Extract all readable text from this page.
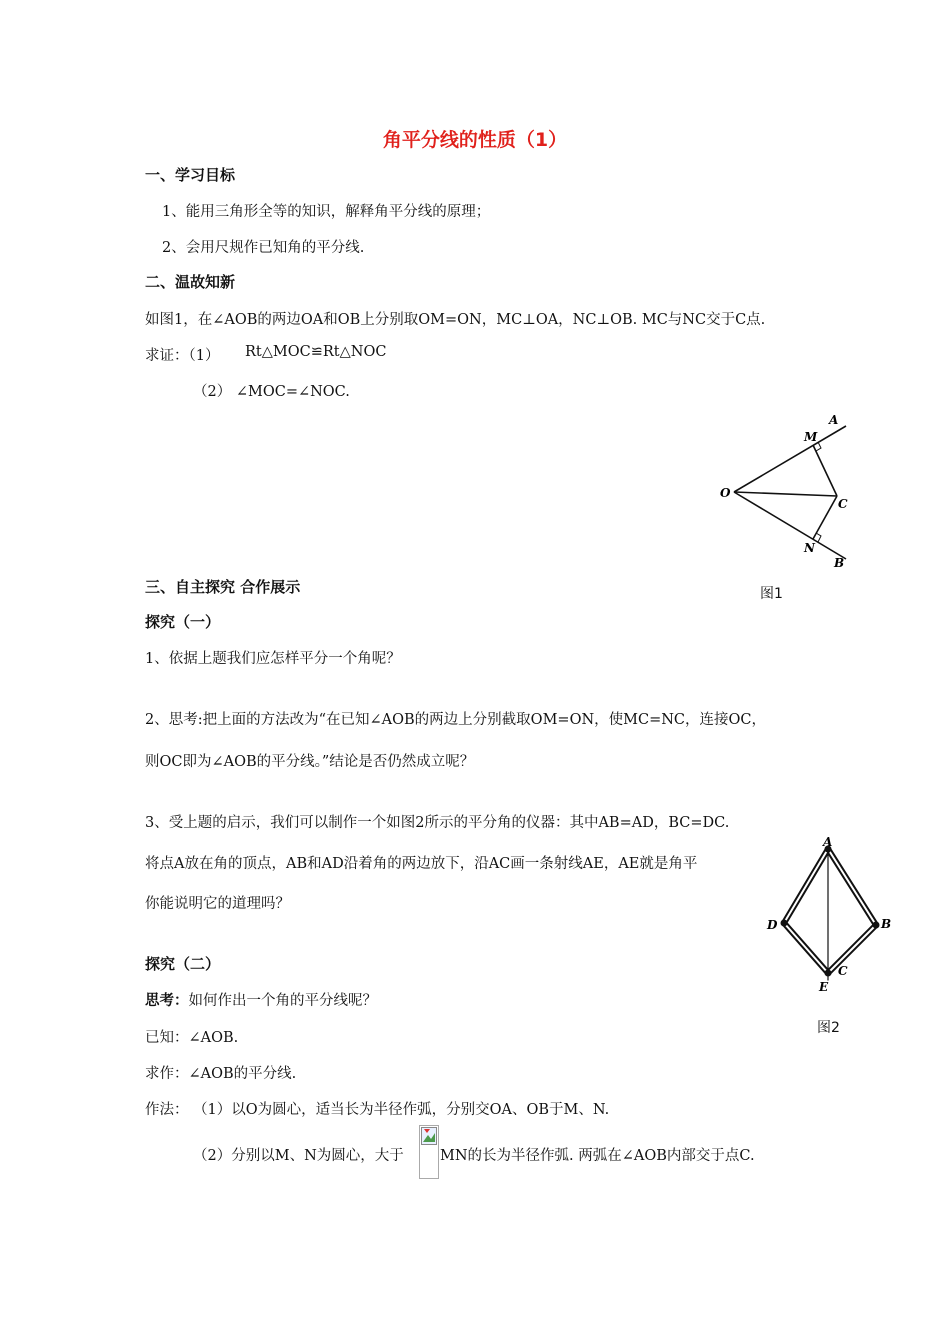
角平分线的性质（1）
一、学习目标
1、能用三角形全等的知识，解释角平分线的原理；
2、会用尺规作已知角的平分线.
二、温故知新
如图1，在∠AOB的两边OA和OB上分别取OM=ON，MC⊥OA，NC⊥OB. MC与NC交于C点.
求证：（1） Rt△MOC≌Rt△NOC
（2） ∠MOC=∠NOC.
A
M
O
C
N
B
图1
三、自主探究 合作展示
探究（一）
1、依据上题我们应怎样平分一个角呢？
2、思考:把上面的方法改为“在已知∠AOB的两边上分别截取OM=ON，使MC=NC，连接OC，
则OC即为∠AOB的平分线。”结论是否仍然成立呢？
3、受上题的启示，我们可以制作一个如图2所示的平分角的仪器：其中AB=AD，BC=DC.
将点A放在角的顶点，AB和AD沿着角的两边放下，沿AC画一条射线AE，AE就是角平
你能说明它的道理吗？
A
B
D
C
E
图2
探究（二）
思考：如何作出一个角的平分线呢？
已知：∠AOB.
求作：∠AOB的平分线.
作法： （1）以O为圆心，适当长为半径作弧，分别交OA、OB于M、N.
（2）分别以M、N为圆心，大于 MN的长为半径作弧. 两弧在∠AOB内部交于点C.
